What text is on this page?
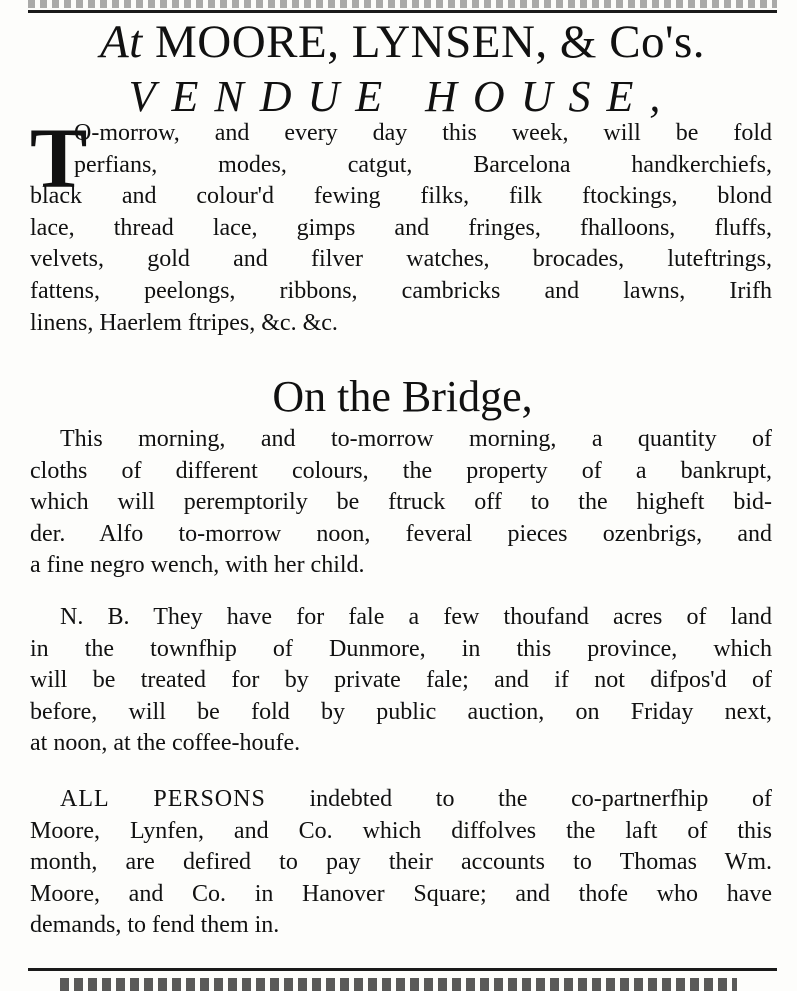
At MOORE, LYNSEN, & Co's.
VENDUE HOUSE,
T
O-morrow, and every day this week, will be fold
perfians, modes, catgut, Barcelona handkerchiefs,
black and colour'd fewing filks, filk ftockings, blond
lace, thread lace, gimps and fringes, fhalloons, fluffs,
velvets, gold and filver watches, brocades, luteftrings,
fattens, peelongs, ribbons, cambricks and lawns, Irifh
linens, Haerlem ftripes, &c. &c.
On the Bridge,
This morning, and to-morrow morning, a quantity of
cloths of different colours, the property of a bankrupt,
which will peremptorily be ftruck off to the higheft bid-
der. Alfo to-morrow noon, feveral pieces ozenbrigs, and
a fine negro wench, with her child.
N. B. They have for fale a few thoufand acres of land
in the townfhip of Dunmore, in this province, which
will be treated for by private fale; and if not difpos'd of
before, will be fold by public auction, on Friday next,
at noon, at the coffee-houfe.
ALL PERSONS indebted to the co-partnerfhip of
Moore, Lynfen, and Co. which diffolves the laft of this
month, are defired to pay their accounts to Thomas Wm.
Moore, and Co. in Hanover Square; and thofe who have
demands, to fend them in.
